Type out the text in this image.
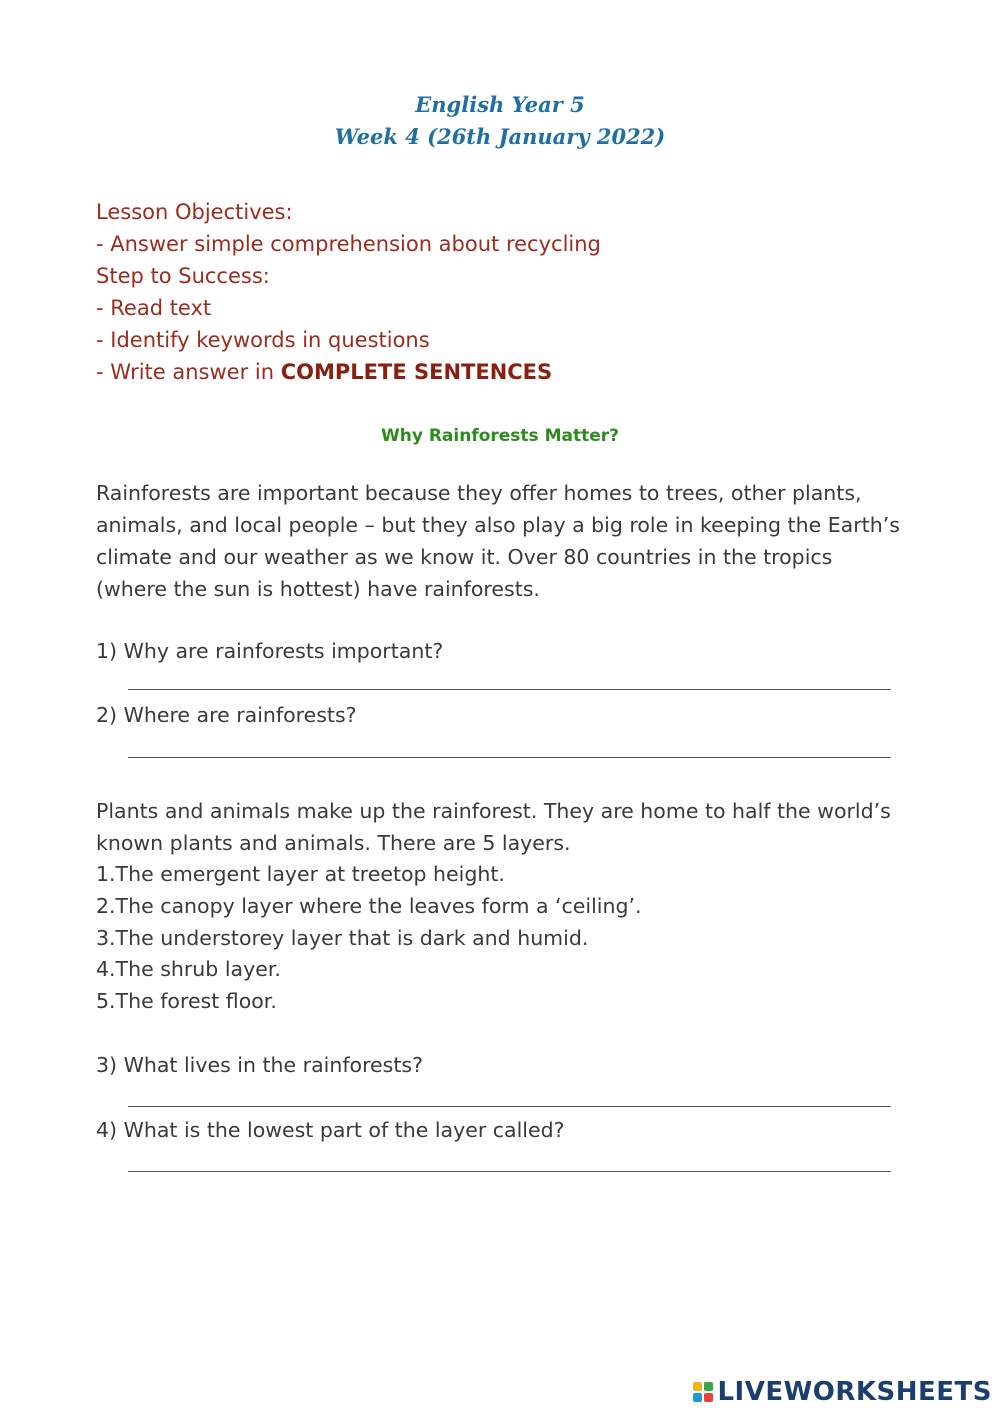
English Year 5
Week 4 (26th January 2022)
Lesson Objectives:
- Answer simple comprehension about recycling
Step to Success:
- Read text
- Identify keywords in questions
- Write answer in COMPLETE SENTENCES
Why Rainforests Matter?
Rainforests are important because they offer homes to trees, other plants, animals, and local people – but they also play a big role in keeping the Earth’s climate and our weather as we know it. Over 80 countries in the tropics (where the sun is hottest) have rainforests.
1) Why are rainforests important?
2) Where are rainforests?
Plants and animals make up the rainforest. They are home to half the world’s known plants and animals. There are 5 layers.
1.The emergent layer at treetop height.
2.The canopy layer where the leaves form a ‘ceiling’.
3.The understorey layer that is dark and humid.
4.The shrub layer.
5.The forest floor.
3) What lives in the rainforests?
4) What is the lowest part of the layer called?
LIVEWORKSHEETS
